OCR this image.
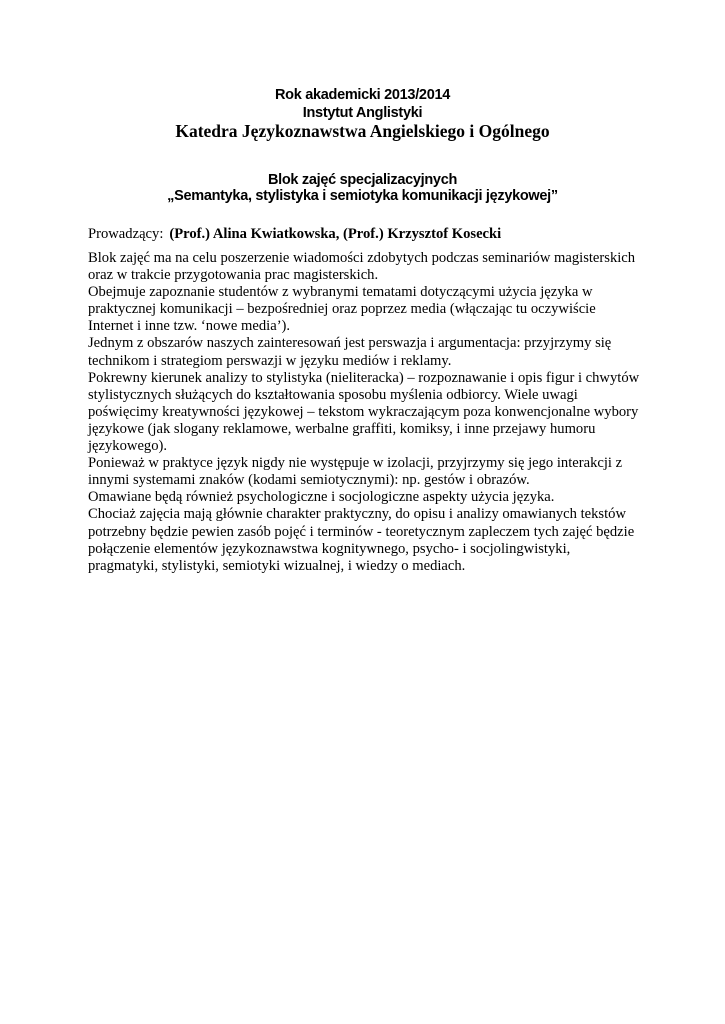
Rok akademicki 2013/2014
Instytut Anglistyki
Katedra Językoznawstwa Angielskiego i Ogólnego
Blok zajęć specjalizacyjnych
„Semantyka, stylistyka i semiotyka komunikacji językowej”
Prowadzący: (Prof.) Alina Kwiatkowska, (Prof.) Krzysztof Kosecki
Blok zajęć ma na celu poszerzenie wiadomości zdobytych podczas seminariów magisterskich
oraz w trakcie przygotowania prac magisterskich.
Obejmuje zapoznanie studentów z wybranymi tematami dotyczącymi użycia języka w
praktycznej komunikacji – bezpośredniej oraz poprzez media (włączając tu oczywiście
Internet i inne tzw. ‘nowe media’).
Jednym z obszarów naszych zainteresowań jest perswazja i argumentacja: przyjrzymy się
technikom i strategiom perswazji w języku mediów i reklamy.
Pokrewny kierunek analizy to stylistyka (nieliteracka) – rozpoznawanie i opis figur i chwytów
stylistycznych służących do kształtowania sposobu myślenia odbiorcy. Wiele uwagi
poświęcimy kreatywności językowej – tekstom wykraczającym poza konwencjonalne wybory
językowe (jak slogany reklamowe, werbalne graffiti, komiksy, i inne przejawy humoru
językowego).
Ponieważ w praktyce język nigdy nie występuje w izolacji, przyjrzymy się jego interakcji z
innymi systemami znaków (kodami semiotycznymi): np. gestów i obrazów.
Omawiane będą również psychologiczne i socjologiczne aspekty użycia języka.
Chociaż zajęcia mają głównie charakter praktyczny, do opisu i analizy omawianych tekstów
potrzebny będzie pewien zasób pojęć i terminów - teoretycznym zapleczem tych zajęć będzie
połączenie elementów językoznawstwa kognitywnego, psycho- i socjolingwistyki,
pragmatyki, stylistyki, semiotyki wizualnej, i wiedzy o mediach.
